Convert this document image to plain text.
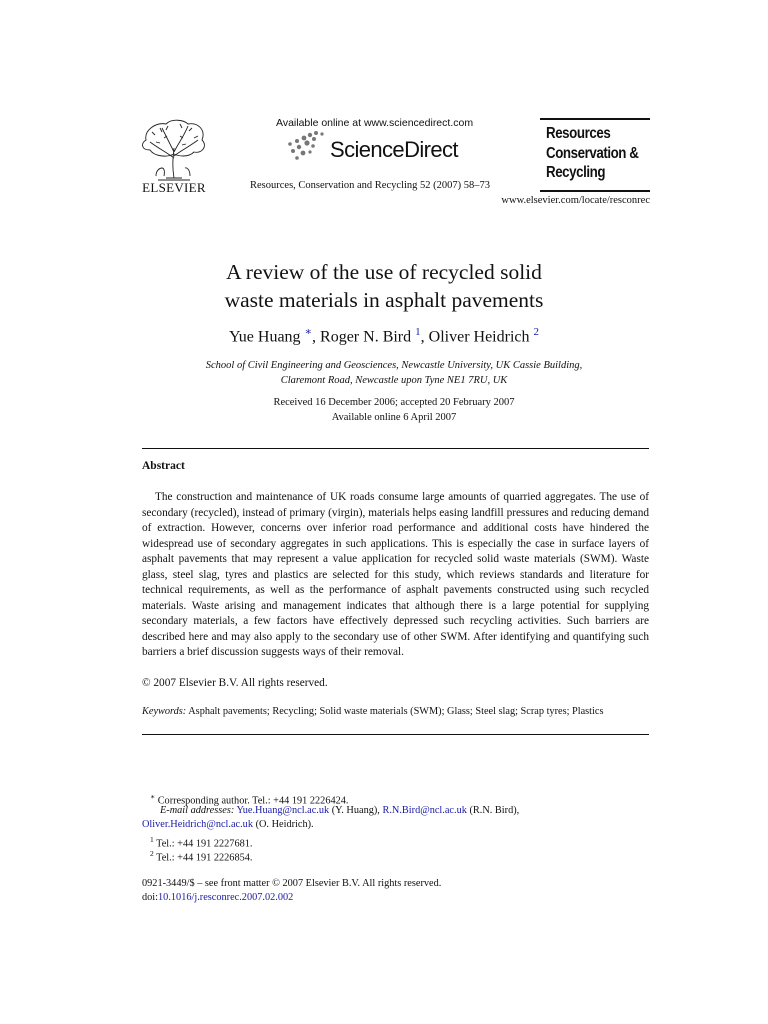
ELSEVIER
Available online at www.sciencedirect.com
ScienceDirect
Resources, Conservation and Recycling 52 (2007) 58–73
Resources
Conservation &
Recycling
www.elsevier.com/locate/resconrec
A review of the use of recycled solid
waste materials in asphalt pavements
Yue Huang ∗, Roger N. Bird $^1$, Oliver Heidrich $^2$
School of Civil Engineering and Geosciences, Newcastle University, UK Cassie Building,
Claremont Road, Newcastle upon Tyne NE1 7RU, UK
Received 16 December 2006; accepted 20 February 2007
Available online 6 April 2007
Abstract

The construction and maintenance of UK roads consume large amounts of quarried aggregates. The use of secondary (recycled), instead of primary (virgin), materials helps easing landfill pressures and reducing demand of extraction. However, concerns over inferior road performance and additional costs have hindered the widespread use of secondary aggregates in such applications. This is especially the case in surface layers of asphalt pavements that may represent a value application for recycled solid waste materials (SWM). Waste glass, steel slag, tyres and plastics are selected for this study, which reviews standards and literature for technical requirements, as well as the performance of asphalt pavements constructed using such recycled materials. Waste arising and management indicates that although there is a large potential for supplying secondary materials, a few factors have effectively depressed such recycling activities. Such barriers are described here and may also apply to the secondary use of other SWM. After identifying and quantifying such barriers a brief discussion suggests ways of their removal.

© 2007 Elsevier B.V. All rights reserved.
Keywords: Asphalt pavements; Recycling; Solid waste materials (SWM); Glass; Steel slag; Scrap tyres; Plastics
∗ Corresponding author. Tel.: +44 191 2226424.
E-mail addresses: Yue.Huang@ncl.ac.uk (Y. Huang), R.N.Bird@ncl.ac.uk (R.N. Bird),
Oliver.Heidrich@ncl.ac.uk (O. Heidrich).
$^1$ Tel.: +44 191 2227681.
$^2$ Tel.: +44 191 2226854.
0921-3449/$ – see front matter © 2007 Elsevier B.V. All rights reserved.
doi:10.1016/j.resconrec.2007.02.002
